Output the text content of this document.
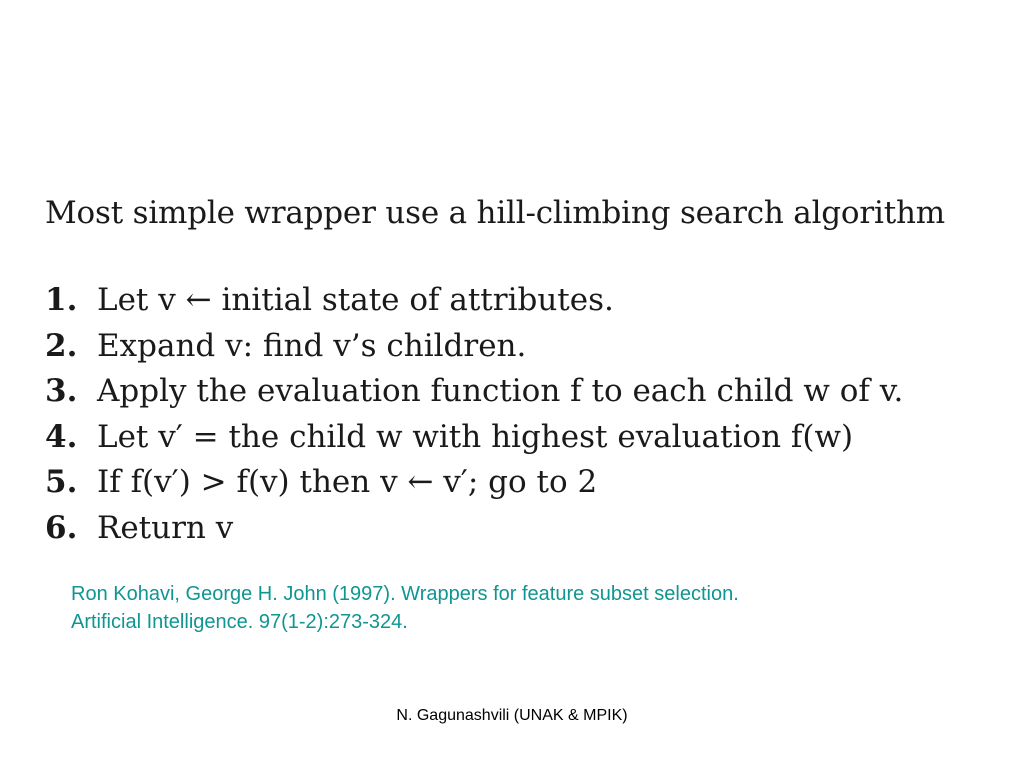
Most simple wrapper use a hill-climbing search algorithm
1. Let v ← initial state of attributes.
2. Expand v: find v’s children.
3. Apply the evaluation function f to each child w of v.
4. Let v′ = the child w with highest evaluation f(w)
5. If f(v′) > f(v) then v ← v′; go to 2
6. Return v
Ron Kohavi, George H. John (1997). Wrappers for feature subset selection.
Artificial Intelligence. 97(1-2):273-324.
N. Gagunashvili (UNAK & MPIK)
